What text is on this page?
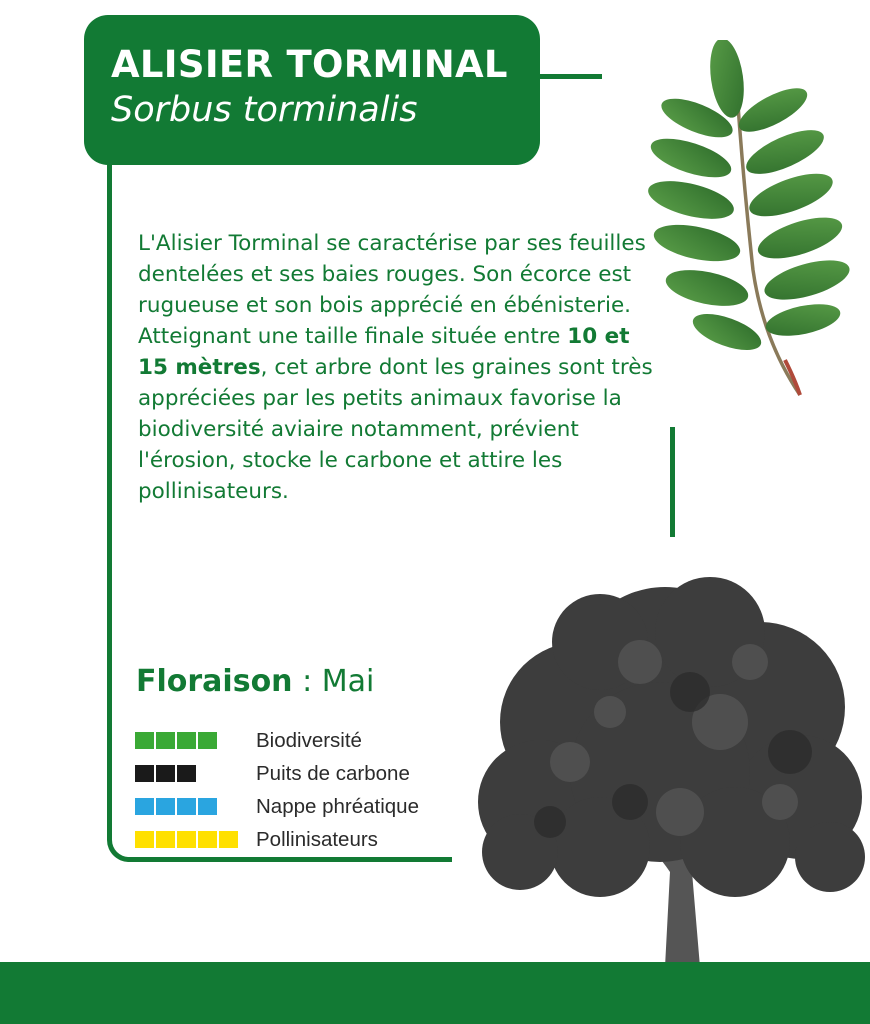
ALISIER TORMINAL
Sorbus torminalis

L'Alisier Torminal se caractérise par ses feuilles dentelées et ses baies rouges. Son écorce est rugueuse et son bois apprécié en ébénisterie.

Atteignant une taille finale située entre 10 et 15 mètres, cet arbre dont les graines sont très appréciées par les petits animaux favorise la biodiversité aviaire notamment, prévient l'érosion, stocke le carbone et attire les pollinisateurs.

Floraison : Mai
Biodiversité
Puits de carbone
Nappe phréatique
Pollinisateurs
